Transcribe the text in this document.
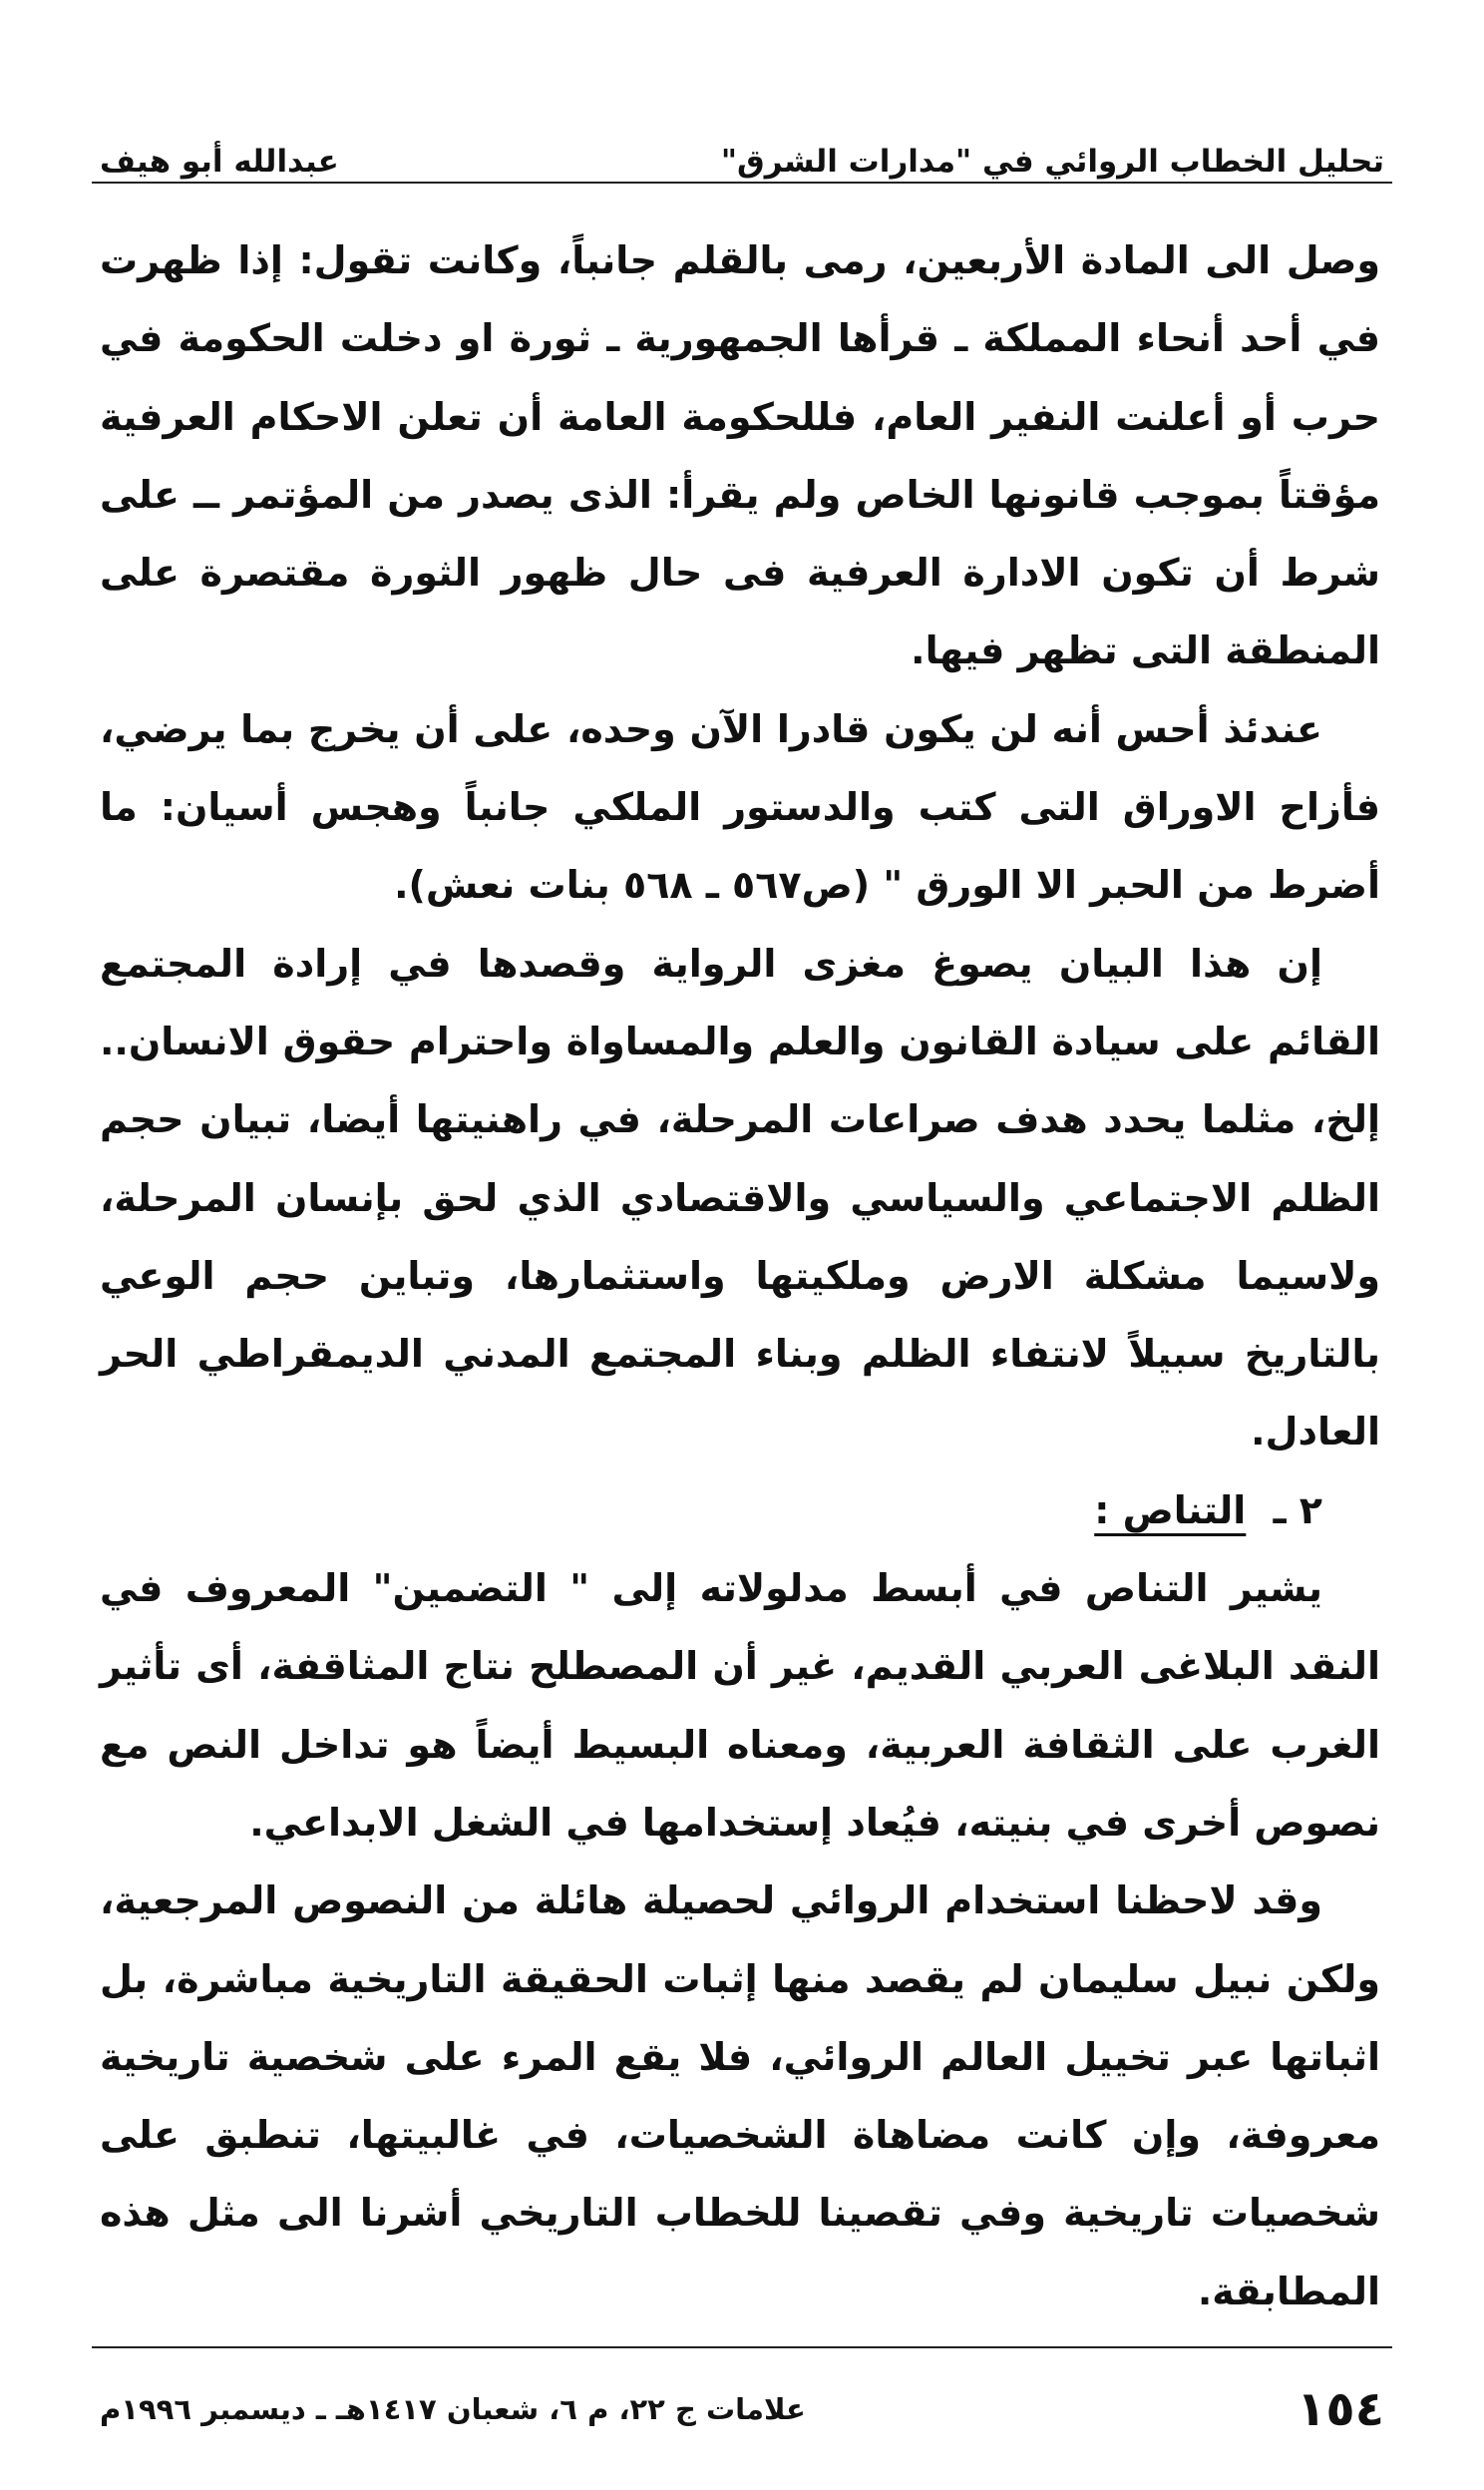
تحليل الخطاب الروائي في "مدارات الشرق"
عبدالله أبو هيف

وصل الى المادة الأربعين، رمى بالقلم جانباً، وكانت تقول: إذا ظهرت في أحد أنحاء المملكة ـ قرأها الجمهورية ـ ثورة او دخلت الحكومة في حرب أو أعلنت النفير العام، فللحكومة العامة أن تعلن الاحكام العرفية مؤقتاً بموجب قانونها الخاص ولم يقرأ: الذى يصدر من المؤتمر ــ على شرط أن تكون الادارة العرفية فى حال ظهور الثورة مقتصرة على المنطقة التى تظهر فيها.

عندئذ أحس أنه لن يكون قادرا الآن وحده، على أن يخرج بما يرضي، فأزاح الاوراق التى كتب والدستور الملكي جانباً وهجس أسيان: ما أضرط من الحبر الا الورق " (ص٥٦٧ ـ ٥٦٨ بنات نعش).

إن هذا البيان يصوغ مغزى الرواية وقصدها في إرادة المجتمع القائم على سيادة القانون والعلم والمساواة واحترام حقوق الانسان.. إلخ، مثلما يحدد هدف صراعات المرحلة، في راهنيتها أيضا، تبيان حجم الظلم الاجتماعي والسياسي والاقتصادي الذي لحق بإنسان المرحلة، ولاسيما مشكلة الارض وملكيتها واستثمارها، وتباين حجم الوعي بالتاريخ سبيلاً لانتفاء الظلم وبناء المجتمع المدني الديمقراطي الحر العادل.

٢ ـ التناص :

يشير التناص في أبسط مدلولاته إلى " التضمين" المعروف في النقد البلاغى العربي القديم، غير أن المصطلح نتاج المثاقفة، أى تأثير الغرب على الثقافة العربية، ومعناه البسيط أيضاً هو تداخل النص مع نصوص أخرى في بنيته، فيُعاد إستخدامها في الشغل الابداعي.

وقد لاحظنا استخدام الروائي لحصيلة هائلة من النصوص المرجعية، ولكن نبيل سليمان لم يقصد منها إثبات الحقيقة التاريخية مباشرة، بل اثباتها عبر تخييل العالم الروائي، فلا يقع المرء على شخصية تاريخية معروفة، وإن كانت مضاهاة الشخصيات، في غالبيتها، تنطبق على شخصيات تاريخية وفي تقصينا للخطاب التاريخي أشرنا الى مثل هذه المطابقة.

١٥٤
علامات ج ٢٢، م ٦، شعبان ١٤١٧هـ ـ ديسمبر ١٩٩٦م
